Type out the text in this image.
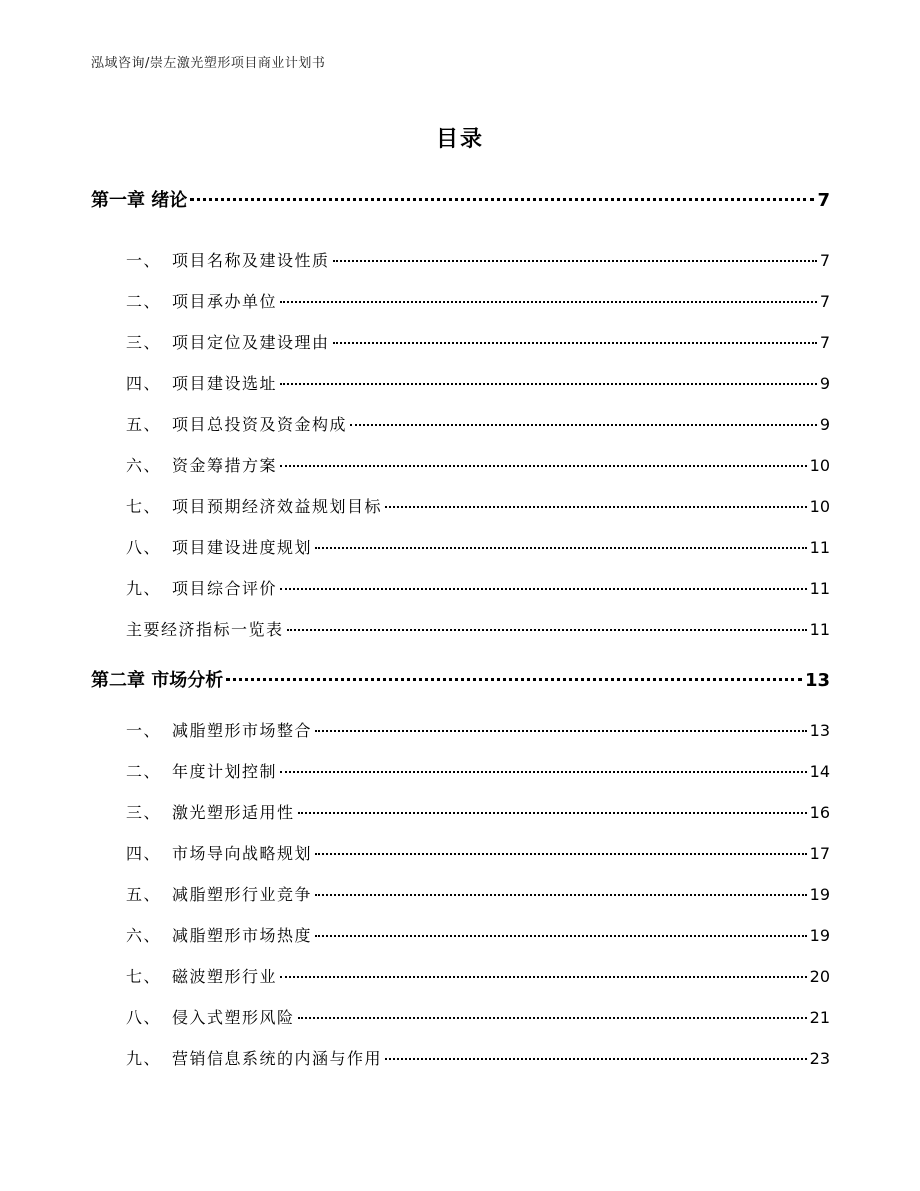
泓域咨询/崇左激光塑形项目商业计划书
目录
第一章 绪论	7
一、 项目名称及建设性质	7
二、 项目承办单位	7
三、 项目定位及建设理由	7
四、 项目建设选址	9
五、 项目总投资及资金构成	9
六、 资金筹措方案	10
七、 项目预期经济效益规划目标	10
八、 项目建设进度规划	11
九、 项目综合评价	11
主要经济指标一览表	11
第二章 市场分析	13
一、 减脂塑形市场整合	13
二、 年度计划控制	14
三、 激光塑形适用性	16
四、 市场导向战略规划	17
五、 减脂塑形行业竞争	19
六、 减脂塑形市场热度	19
七、 磁波塑形行业	20
八、 侵入式塑形风险	21
九、 营销信息系统的内涵与作用	23
